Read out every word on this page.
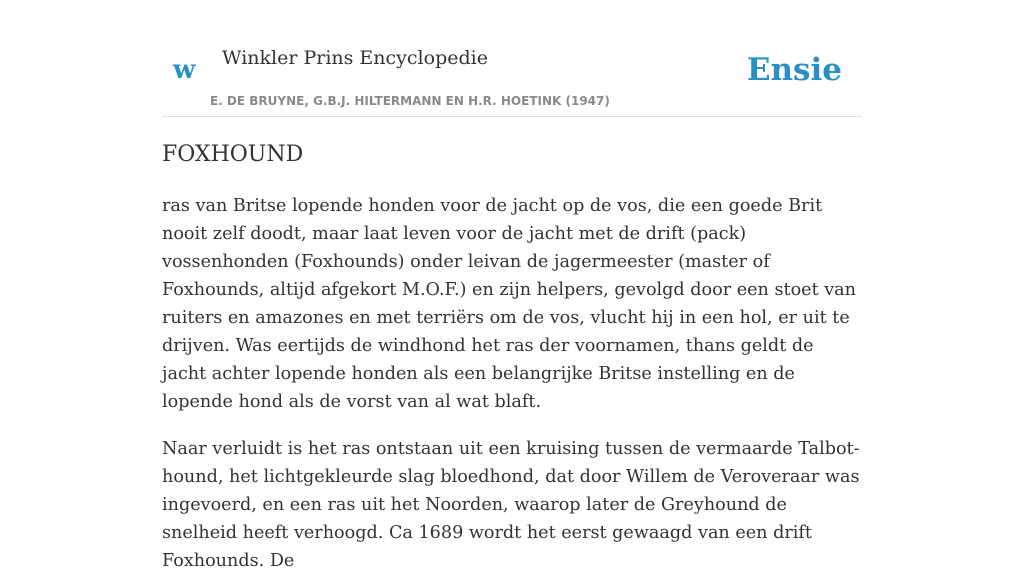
w Winkler Prins Encyclopedie
E. DE BRUYNE, G.B.J. HILTERMANN EN H.R. HOETINK (1947)
Ensie
FOXHOUND

ras van Britse lopende honden voor de jacht op de vos, die een goede Brit nooit zelf doodt, maar laat leven voor de jacht met de drift (pack) vossenhonden (Foxhounds) onder leivan de jagermeester (master of Foxhounds, altijd afgekort M.O.F.) en zijn helpers, gevolgd door een stoet van ruiters en amazones en met terriërs om de vos, vlucht hij in een hol, er uit te drijven. Was eertijds de windhond het ras der voornamen, thans geldt de jacht achter lopende honden als een belangrijke Britse instelling en de lopende hond als de vorst van al wat blaft.

Naar verluidt is het ras ontstaan uit een kruising tussen de vermaarde Talbot-hound, het lichtgekleurde slag bloedhond, dat door Willem de Veroveraar was ingevoerd, en een ras uit het Noorden, waarop later de Greyhound de snelheid heeft verhoogd. Ca 1689 wordt het eerst gewaagd van een drift Foxhounds. De
